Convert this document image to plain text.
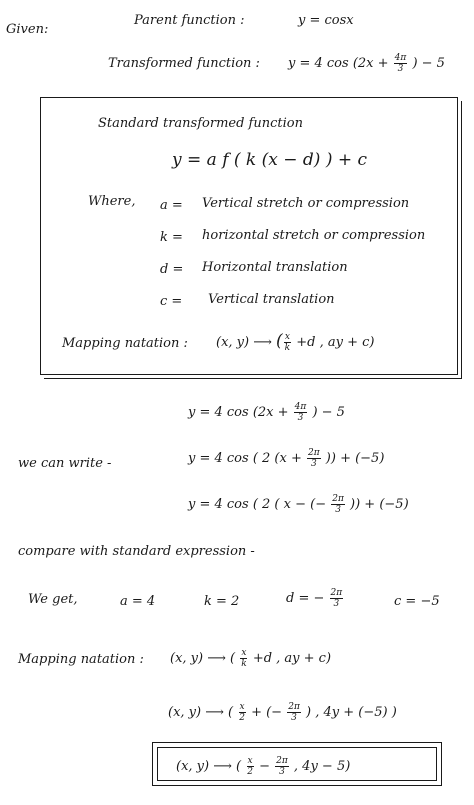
Given:
Parent function :	y = cosx
Transformed function : y = 4 $\cos (2x + \frac{4\pi}{3}$ ) − 5
Standard transformed function
y = a f ( k (x − d) ) + c
Where, a = Vertical stretch or compression
k = horizontal stretch or compression
d = Horizontal translation
c = Vertical translation
Mapping natation : (x, y) ⟶ ( $\frac{x}{k} +d$ , ay + c)
y = 4 $\cos (2x + \frac{4\pi}{3}$ ) − 5
we can write -	y = 4 cos ( 2 ($x + \frac{2\pi}{3}$ )) + (−5)
y = 4 cos ( 2 ( x − (− $\frac{2\pi}{3}$ )) + (−5)
compare with standard expression -
We get,	a = 4	k = 2	d = − $\frac{2\pi}{3}$	c = −5
Mapping natation : (x, y) ⟶ ( $\frac{x}{k} +d$ , ay + c)
(x, y) ⟶ ( $\frac{x}{2}$ + (− $\frac{2\pi}{3}$ ) , 4y + (−5) )
(x, y) ⟶ ( $\frac{x}{2} - \frac{2\pi}{3}$ , 4y − 5)
